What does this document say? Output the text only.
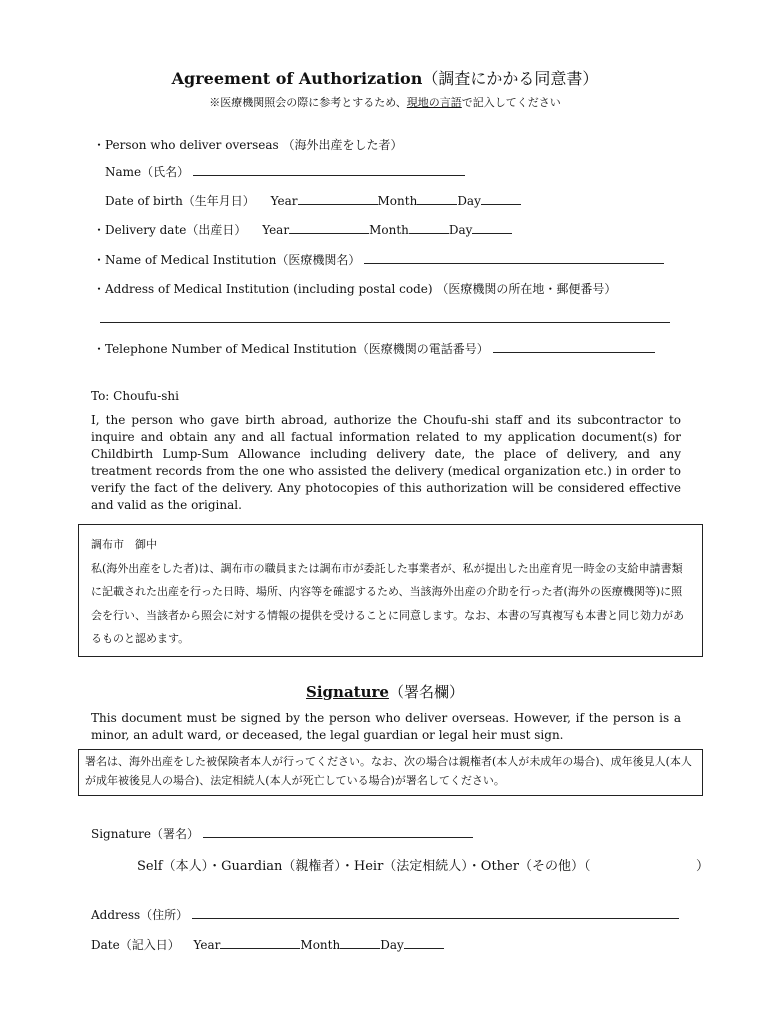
Agreement of Authorization（調査にかかる同意書）
※医療機関照会の際に参考とするため、現地の言語で記入してください
・Person who deliver overseas （海外出産をした者）
Name（氏名）
Date of birth（生年月日） Year	Month	Day
・Delivery date（出産日） Year	Month	Day
・Name of Medical Institution（医療機関名）
・Address of Medical Institution (including postal code) （医療機関の所在地・郵便番号）
・Telephone Number of Medical Institution（医療機関の電話番号）
To: Choufu-shi
I, the person who gave birth abroad, authorize the Choufu-shi staff and its subcontractor to inquire and obtain any and all factual information related to my application document(s) for Childbirth Lump-Sum Allowance including delivery date, the place of delivery, and any treatment records from the one who assisted the delivery (medical organization etc.) in order to verify the fact of the delivery. Any photocopies of this authorization will be considered effective and valid as the original.
調布市　御中
私(海外出産をした者)は、調布市の職員または調布市が委託した事業者が、私が提出した出産育児一時金の支給申請書類に記載された出産を行った日時、場所、内容等を確認するため、当該海外出産の介助を行った者(海外の医療機関等)に照会を行い、当該者から照会に対する情報の提供を受けることに同意します。なお、本書の写真複写も本書と同じ効力があるものと認めます。
Signature（署名欄）
This document must be signed by the person who deliver overseas. However, if the person is a minor, an adult ward, or deceased, the legal guardian or legal heir must sign.
署名は、海外出産をした被保険者本人が行ってください。なお、次の場合は親権者(本人が未成年の場合)、成年後見人(本人が成年被後見人の場合)、法定相続人(本人が死亡している場合)が署名してください。
Signature（署名）
Self（本人）・Guardian（親権者）・Heir（法定相続人）・Other（その他）（	）
Address（住所）
Date（記入日） Year	Month	Day
